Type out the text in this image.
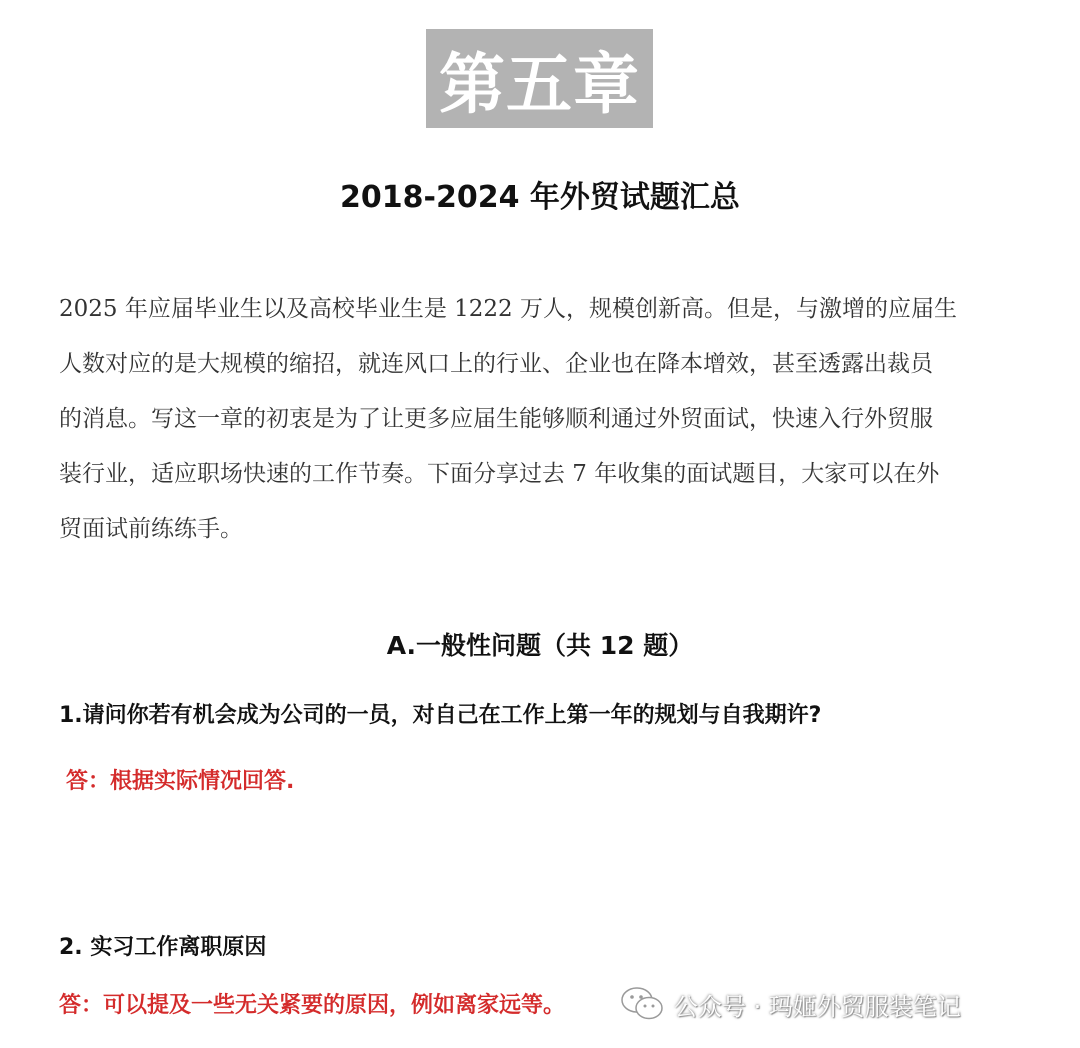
第五章
2018-2024 年外贸试题汇总
2025 年应届毕业生以及高校毕业生是 1222 万人，规模创新高。但是，与激增的应届生
人数对应的是大规模的缩招，就连风口上的行业、企业也在降本增效，甚至透露出裁员
的消息。写这一章的初衷是为了让更多应届生能够顺利通过外贸面试，快速入行外贸服
装行业，适应职场快速的工作节奏。下面分享过去 7 年收集的面试题目，大家可以在外
贸面试前练练手。
A.一般性问题（共 12 题）
1.请问你若有机会成为公司的一员，对自己在工作上第一年的规划与自我期许?
答：根据实际情况回答.
2. 实习工作离职原因
答：可以提及一些无关紧要的原因，例如离家远等。	公众号 · 玛姬外贸服装笔记
